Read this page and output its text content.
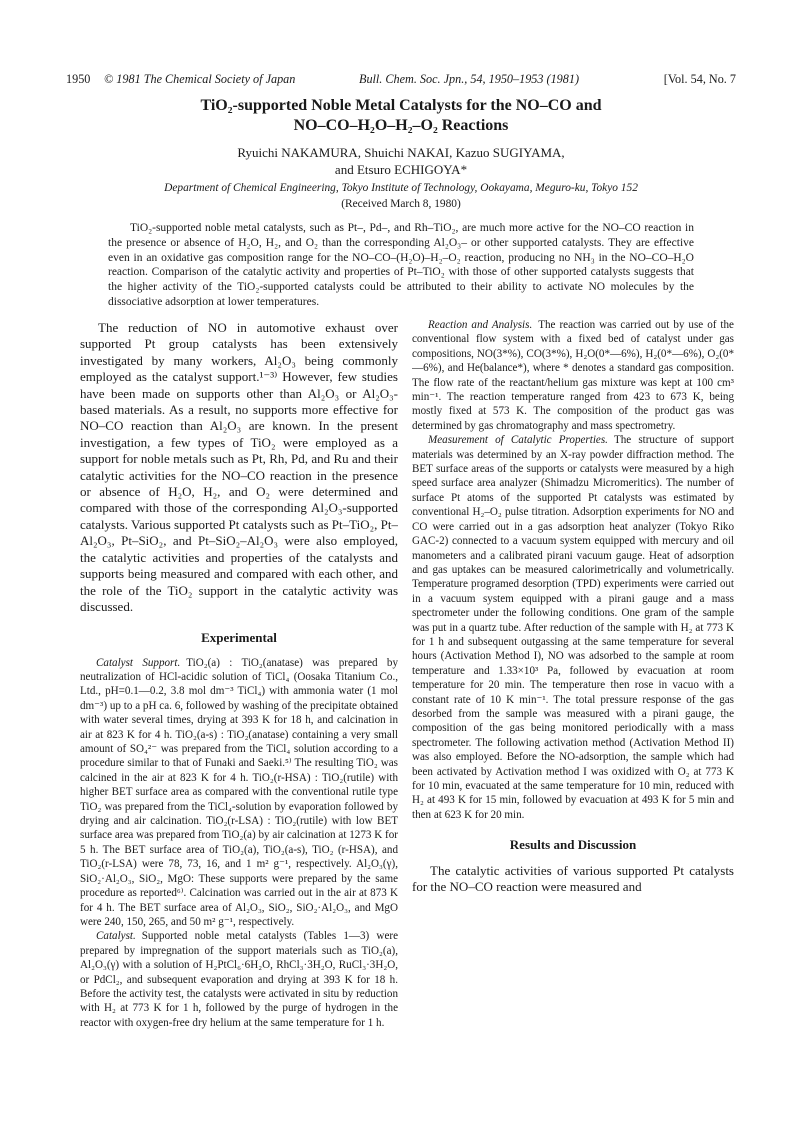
1950 © 1981 The Chemical Society of Japan	Bull. Chem. Soc. Jpn., 54, 1950–1953 (1981)	[Vol. 54, No. 7
TiO₂-supported Noble Metal Catalysts for the NO–CO and
NO–CO–H₂O–H₂–O₂ Reactions
Ryuichi NAKAMURA, Shuichi NAKAI, Kazuo SUGIYAMA,
and Etsuro ECHIGOYA*
Department of Chemical Engineering, Tokyo Institute of Technology, Ookayama, Meguro-ku, Tokyo 152
(Received March 8, 1980)

TiO₂-supported noble metal catalysts, such as Pt–, Pd–, and Rh–TiO₂, are much more active for the NO–CO reaction in the presence or absence of H₂O, H₂, and O₂ than the corresponding Al₂O₃– or other supported catalysts. They are effective even in an oxidative gas composition range for the NO–CO–(H₂O)–H₂–O₂ reaction, producing no NH₃ in the NO–CO–H₂O reaction. Comparison of the catalytic activity and properties of Pt–TiO₂ with those of other supported catalysts suggests that the higher activity of the TiO₂-supported catalysts could be attributed to their ability to activate NO molecules by the dissociative adsorption at lower temperatures.

The reduction of NO in automotive exhaust over supported Pt group catalysts has been extensively investigated by many workers, Al₂O₃ being commonly employed as the catalyst support.¹⁻³⁾ However, few studies have been made on supports other than Al₂O₃ or Al₂O₃-based materials. As a result, no supports more effective for NO–CO reaction than Al₂O₃ are known. In the present investigation, a few types of TiO₂ were employed as a support for noble metals such as Pt, Rh, Pd, and Ru and their catalytic activities for the NO–CO reaction in the presence or absence of H₂O, H₂, and O₂ were determined and compared with those of the corresponding Al₂O₃-supported catalysts. Various supported Pt catalysts such as Pt–TiO₂, Pt–Al₂O₃, Pt–SiO₂, and Pt–SiO₂–Al₂O₃ were also employed, the catalytic activities and properties of the catalysts and supports being measured and compared with each other, and the role of the TiO₂ support in the catalytic activity was discussed.

Experimental

Catalyst Support. TiO₂(a) : TiO₂(anatase) was prepared by neutralization of HCl-acidic solution of TiCl₄ (Oosaka Titanium Co., Ltd., pH=0.1—0.2, 3.8 mol dm⁻³ TiCl₄) with ammonia water (1 mol dm⁻³) up to a pH ca. 6, followed by washing of the precipitate obtained with water several times, drying at 393 K for 18 h, and calcination in air at 823 K for 4 h. TiO₂(a-s) : TiO₂(anatase) containing a very small amount of SO₄²⁻ was prepared from the TiCl₄ solution according to a procedure similar to that of Funaki and Saeki.⁵⁾ The resulting TiO₂ was calcined in the air at 823 K for 4 h. TiO₂(r-HSA) : TiO₂(rutile) with higher BET surface area as compared with the conventional rutile type TiO₂ was prepared from the TiCl₄-solution by evaporation followed by drying and air calcination. TiO₂(r-LSA) : TiO₂(rutile) with low BET surface area was prepared from TiO₂(a) by air calcination at 1273 K for 5 h. The BET surface area of TiO₂(a), TiO₂(a-s), TiO₂ (r-HSA), and TiO₂(r-LSA) were 78, 73, 16, and 1 m² g⁻¹, respectively. Al₂O₃(γ), SiO₂·Al₂O₃, SiO₂, MgO: These supports were prepared by the same procedure as reported⁶⁾. Calcination was carried out in the air at 873 K for 4 h. The BET surface area of Al₂O₃, SiO₂, SiO₂·Al₂O₃, and MgO were 240, 150, 265, and 50 m² g⁻¹, respectively.

Catalyst. Supported noble metal catalysts (Tables 1—3) were prepared by impregnation of the support materials such as TiO₂(a), Al₂O₃(γ) with a solution of H₂PtCl₆·6H₂O, RhCl₃·3H₂O, RuCl₃·3H₂O, or PdCl₂, and subsequent evaporation and drying at 393 K for 18 h. Before the activity test, the catalysts were activated in situ by reduction with H₂ at 773 K for 1 h, followed by the purge of hydrogen in the reactor with oxygen-free dry helium at the same temperature for 1 h.

Reaction and Analysis. The reaction was carried out by use of the conventional flow system with a fixed bed of catalyst under gas compositions, NO(3*%), CO(3*%), H₂O(0*—6%), H₂(0*—6%), O₂(0*—6%), and He(balance*), where * denotes a standard gas composition. The flow rate of the reactant/helium gas mixture was kept at 100 cm³ min⁻¹. The reaction temperature ranged from 423 to 673 K, being mostly fixed at 573 K. The composition of the product gas was determined by gas chromatography and mass spectrometry.

Measurement of Catalytic Properties. The structure of support materials was determined by an X-ray powder diffraction method. The BET surface areas of the supports or catalysts were measured by a high speed surface area analyzer (Shimadzu Micromeritics). The number of surface Pt atoms of the supported Pt catalysts was estimated by conventional H₂–O₂ pulse titration. Adsorption experiments for NO and CO were carried out in a gas adsorption heat analyzer (Tokyo Riko GAC-2) connected to a vacuum system equipped with mercury and oil manometers and a calibrated pirani vacuum gauge. Heat of adsorption and gas uptakes can be measured calorimetrically and volumetrically. Temperature programed desorption (TPD) experiments were carried out in a vacuum system equipped with a pirani gauge and a mass spectrometer under the following conditions. One gram of the sample was put in a quartz tube. After reduction of the sample with H₂ at 773 K for 1 h and subsequent outgassing at the same temperature for several hours (Activation Method I), NO was adsorbed to the sample at room temperature and 1.33×10³ Pa, followed by evacuation at room temperature for 20 min. The temperature then rose in vacuo with a constant rate of 10 K min⁻¹. The total pressure response of the gas desorbed from the sample was measured with a pirani gauge, the composition of the gas being monitored periodically with a mass spectrometer. The following activation method (Activation Method II) was also employed. Before the NO-adsorption, the sample which had been activated by Activation method I was oxidized with O₂ at 773 K for 10 min, evacuated at the same temperature for 10 min, reduced with H₂ at 493 K for 15 min, followed by evacuation at 493 K for 5 min and then at 623 K for 20 min.

Results and Discussion

The catalytic activities of various supported Pt catalysts for the NO–CO reaction were measured and
